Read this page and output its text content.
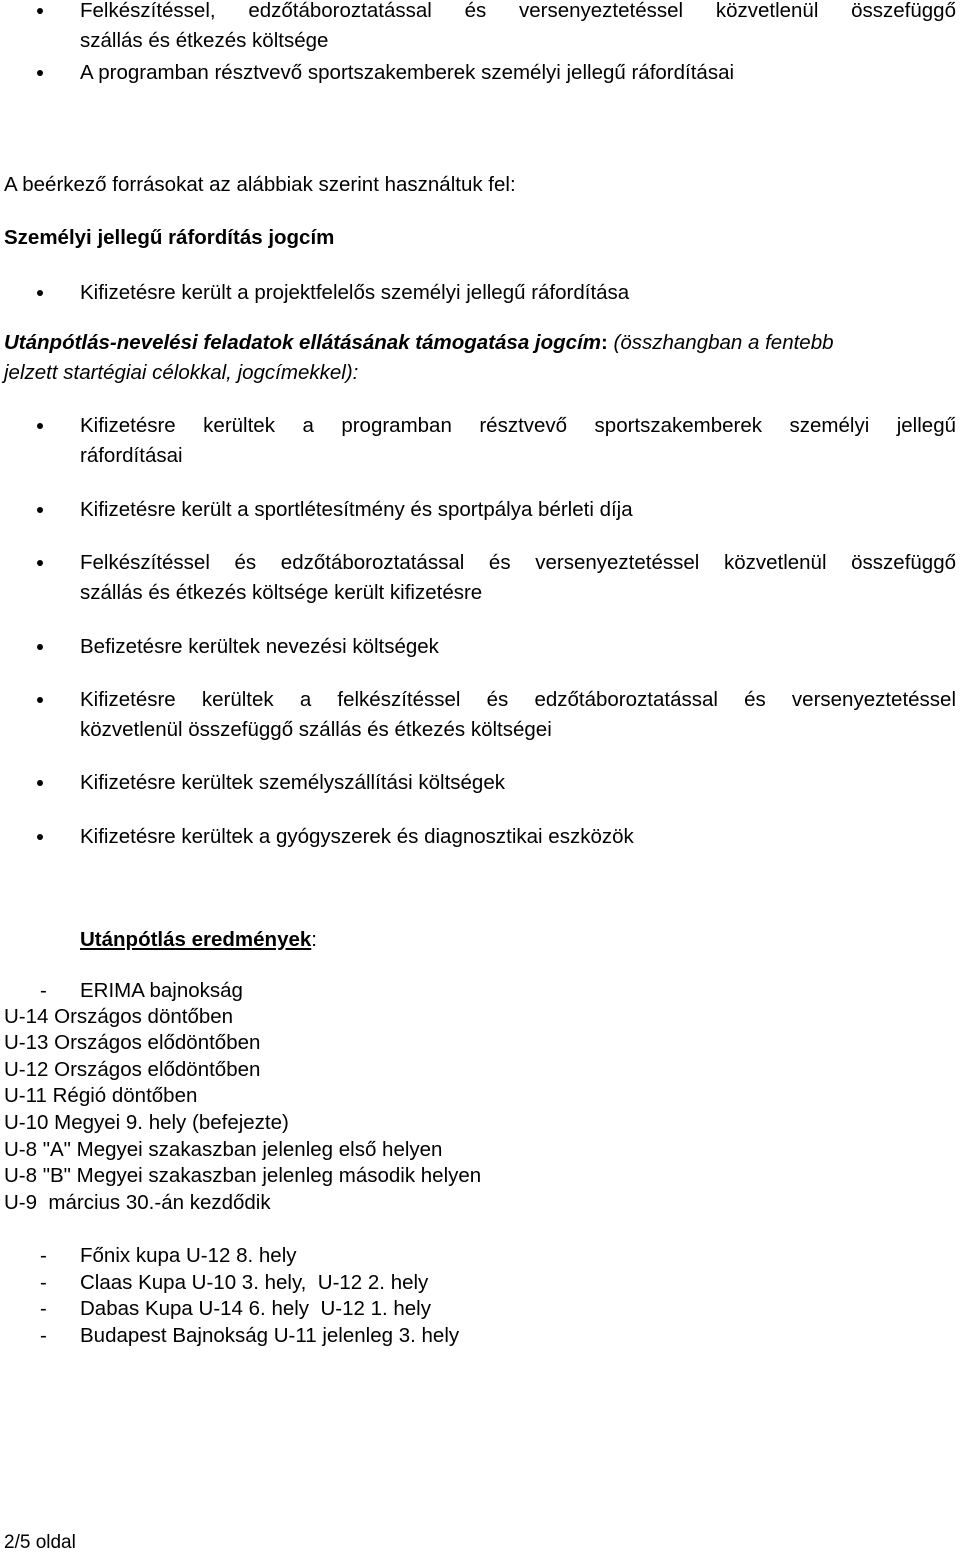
Felkészítéssel, edzőtáboroztatással és versenyeztetéssel közvetlenül összefüggő
szállás és étkezés költsége
A programban résztvevő sportszakemberek személyi jellegű ráfordításai
A beérkező forrásokat az alábbiak szerint használtuk fel:
Személyi jellegű ráfordítás jogcím
Kifizetésre került a projektfelelős személyi jellegű ráfordítása
Utánpótlás-nevelési feladatok ellátásának támogatása jogcím: (összhangban a fentebb
jelzett startégiai célokkal, jogcímekkel):
Kifizetésre kerültek a programban résztvevő sportszakemberek személyi jellegű
ráfordításai
Kifizetésre került a sportlétesítmény és sportpálya bérleti díja
Felkészítéssel és edzőtáboroztatással és versenyeztetéssel közvetlenül összefüggő
szállás és étkezés költsége került kifizetésre
Befizetésre kerültek nevezési költségek
Kifizetésre kerültek a felkészítéssel és edzőtáboroztatással és versenyeztetéssel
közvetlenül összefüggő szállás és étkezés költségei
Kifizetésre kerültek személyszállítási költségek
Kifizetésre kerültek a gyógyszerek és diagnosztikai eszközök
Utánpótlás eredmények:
- ERIMA bajnokság
U-14 Országos döntőben
U-13 Országos elődöntőben
U-12 Országos elődöntőben
U-11 Régió döntőben
U-10 Megyei 9. hely (befejezte)
U-8 "A" Megyei szakaszban jelenleg első helyen
U-8 "B" Megyei szakaszban jelenleg második helyen
U-9  március 30.-án kezdődik
- Főnix kupa U-12 8. hely
- Claas Kupa U-10 3. hely,  U-12 2. hely
- Dabas Kupa U-14 6. hely  U-12 1. hely
- Budapest Bajnokság U-11 jelenleg 3. hely
2/5 oldal
